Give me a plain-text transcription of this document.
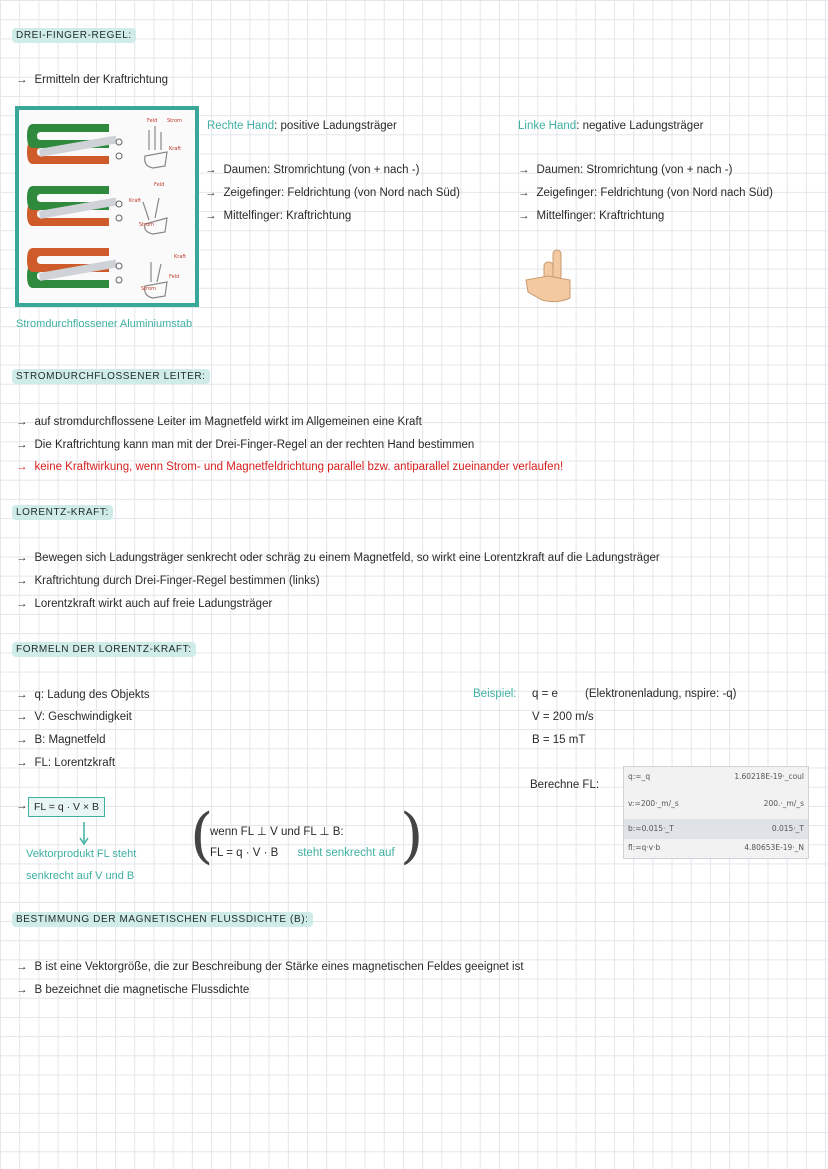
DREI-FINGER-REGEL:
→ Ermitteln der Kraftrichtung
Feld Strom
Kraft
Feld
Kraft
Strom
Kraft
Feld
Strom
Stromdurchflossener Aluminiumstab
Rechte Hand: positive Ladungsträger
→ Daumen: Stromrichtung (von + nach -)
→ Zeigefinger: Feldrichtung (von Nord nach Süd)
→ Mittelfinger: Kraftrichtung
Linke Hand: negative Ladungsträger
→ Daumen: Stromrichtung (von + nach -)
→ Zeigefinger: Feldrichtung (von Nord nach Süd)
→ Mittelfinger: Kraftrichtung
STROMDURCHFLOSSENER LEITER:
→ auf stromdurchflossene Leiter im Magnetfeld wirkt im Allgemeinen eine Kraft
→ Die Kraftrichtung kann man mit der Drei-Finger-Regel an der rechten Hand bestimmen
→ keine Kraftwirkung, wenn Strom- und Magnetfeldrichtung parallel bzw. antiparallel zueinander verlaufen!
LORENTZ-KRAFT:
→ Bewegen sich Ladungsträger senkrecht oder schräg zu einem Magnetfeld, so wirkt eine Lorentzkraft auf die Ladungsträger
→ Kraftrichtung durch Drei-Finger-Regel bestimmen (links)
→ Lorentzkraft wirkt auch auf freie Ladungsträger
FORMELN DER LORENTZ-KRAFT:
→ q: Ladung des Objekts
→ V: Geschwindigkeit
→ B: Magnetfeld
→ FL: Lorentzkraft
→ FL = q · V × B
Vektorprodukt FL steht
senkrecht auf V und B
(
wenn FL ⊥ V und FL ⊥ B:
FL = q · V · B steht senkrecht auf )
Beispiel: q = e (Elektronenladung, nspire: -q)
V = 200 m/s
B = 15 mT
Berechne FL:
q:=_q	1.60218E-19·_coul
v:=200·_m/_s	200.·_m/_s
b:=0.015·_T	0.015·_T
fl:=q·v·b	4.80653E-19·_N
BESTIMMUNG DER MAGNETISCHEN FLUSSDICHTE (B):
→ B ist eine Vektorgröße, die zur Beschreibung der Stärke eines magnetischen Feldes geeignet ist
→ B bezeichnet die magnetische Flussdichte
